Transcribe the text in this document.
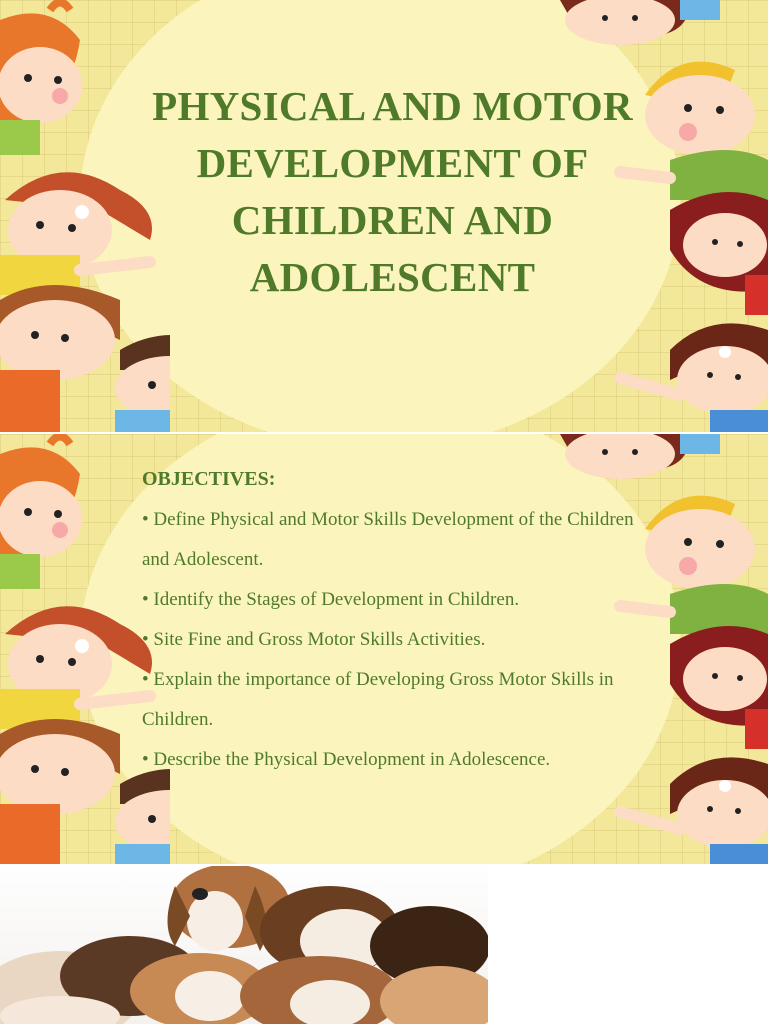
PHYSICAL AND MOTOR DEVELOPMENT OF CHILDREN AND ADOLESCENT

OBJECTIVES:

• Define Physical and Motor Skills Development of the Children and Adolescent.
• Identify the Stages of Development in Children.
• Site Fine and Gross Motor Skills Activities.
• Explain the importance of Developing Gross Motor Skills in Children.
• Describe the Physical Development in Adolescence.
